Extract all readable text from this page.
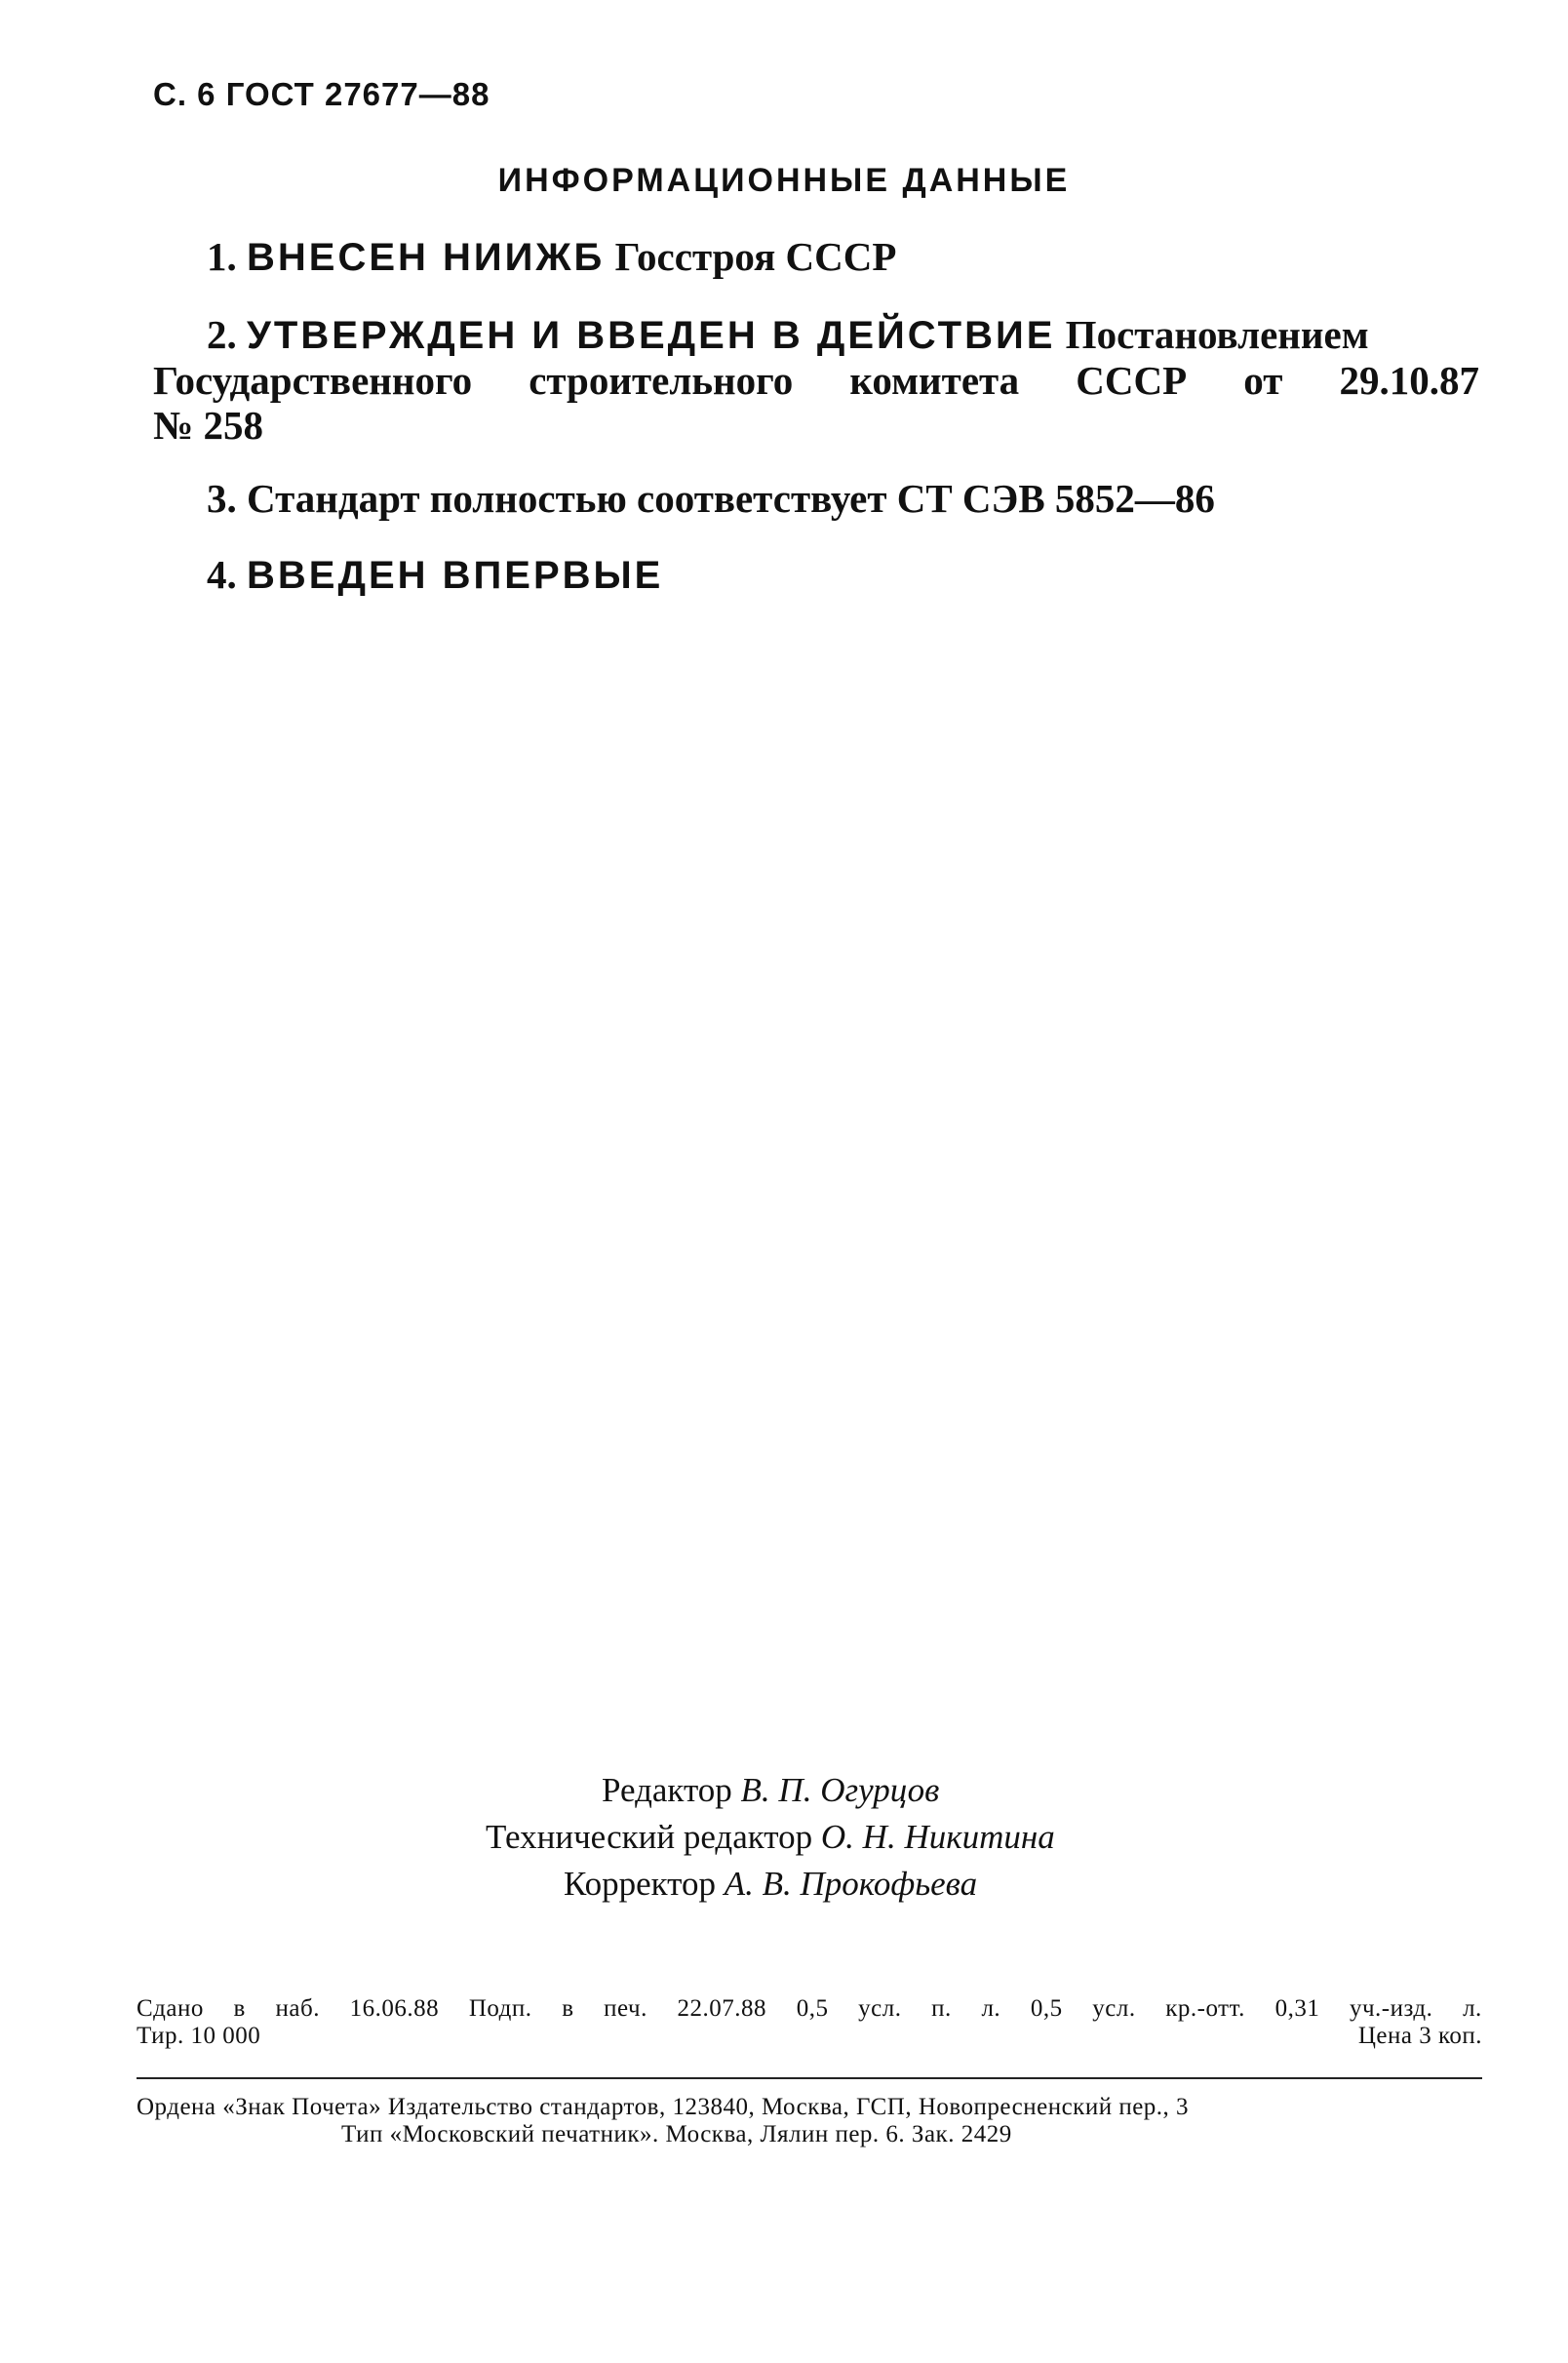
С. 6 ГОСТ 27677—88
ИНФОРМАЦИОННЫЕ ДАННЫЕ
1. ВНЕСЕН НИИЖБ Госстроя СССР
2. УТВЕРЖДЕН И ВВЕДЕН В ДЕЙСТВИЕ Постановлением
Государственного строительного комитета СССР от 29.10.87
№ 258
3. Стандарт полностью соответствует СТ СЭВ 5852—86
4. ВВЕДЕН ВПЕРВЫЕ
Редактор В. П. Огурцов
Технический редактор О. Н. Никитина
Корректор А. В. Прокофьева
Сдано в наб. 16.06.88 Подп. в печ. 22.07.88 0,5 усл. п. л. 0,5 усл. кр.-отт. 0,31 уч.-изд. л.
Тир. 10 000	Цена 3 коп.
Ордена «Знак Почета» Издательство стандартов, 123840, Москва, ГСП, Новопресненский пер., 3
Тип «Московский печатник». Москва, Лялин пер. 6. Зак. 2429
